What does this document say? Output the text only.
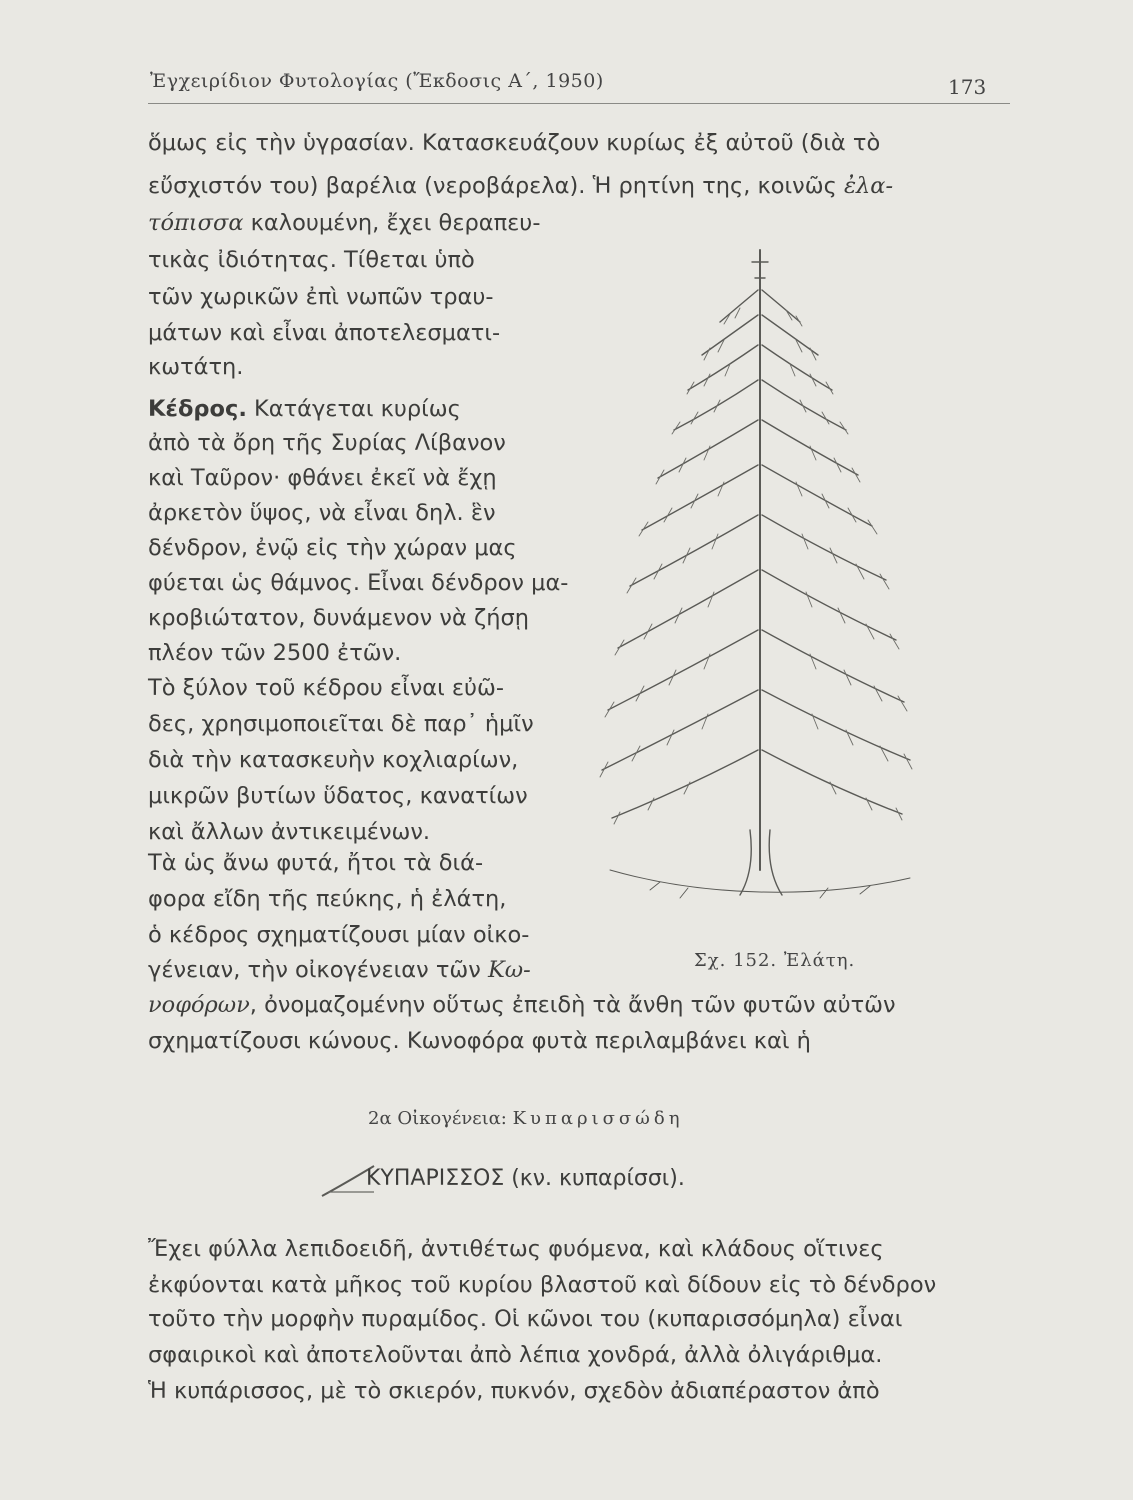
Ἐγχειρίδιον Φυτολογίας (Ἔκδοσις Α΄, 1950)	173
ὅμως εἰς τὴν ὑγρασίαν. Κατασκευάζουν κυρίως ἐξ αὐτοῦ (διὰ τὸ
εὔσχιστόν του) βαρέλια (νεροβάρελα). Ἡ ρητίνη της, κοινῶς ἐλα-
τόπισσα καλουμένη, ἔχει θεραπευ-
τικὰς ἰδιότητας. Τίθεται ὑπὸ
τῶν χωρικῶν ἐπὶ νωπῶν τραυ-
μάτων καὶ εἶναι ἀποτελεσματι-
κωτάτη.
Κέδρος. Κατάγεται κυρίως
ἀπὸ τὰ ὄρη τῆς Συρίας Λίβανον
καὶ Ταῦρον· φθάνει ἐκεῖ νὰ ἔχῃ
ἀρκετὸν ὕψος, νὰ εἶναι δηλ. ἓν
δένδρον, ἐνῷ εἰς τὴν χώραν μας
φύεται ὡς θάμνος. Εἶναι δένδρον μα-
κροβιώτατον, δυνάμενον νὰ ζήσῃ
πλέον τῶν 2500 ἐτῶν.
Τὸ ξύλον τοῦ κέδρου εἶναι εὐῶ-
δες, χρησιμοποιεῖται δὲ παρ᾽ ἡμῖν
διὰ τὴν κατασκευὴν κοχλιαρίων,
μικρῶν βυτίων ὕδατος, κανατίων
καὶ ἄλλων ἀντικειμένων.
Τὰ ὡς ἄνω φυτά, ἤτοι τὰ διά-
φορα εἴδη τῆς πεύκης, ἡ ἐλάτη,
ὁ κέδρος σχηματίζουσι μίαν οἰκο-
γένειαν, τὴν οἰκογένειαν τῶν Κω-
νοφόρων, ὀνομαζομένην οὕτως ἐπειδὴ τὰ ἄνθη τῶν φυτῶν αὐτῶν
σχηματίζουσι κώνους. Κωνοφόρα φυτὰ περιλαμβάνει καὶ ἡ
Σχ. 152. Ἐλάτη.
2α Οἰκογένεια: Κυπαρισσώδη
ΚΥΠΑΡΙΣΣΟΣ (κν. κυπαρίσσι).
Ἔχει φύλλα λεπιδοειδῆ, ἀντιθέτως φυόμενα, καὶ κλάδους οἵτινες
ἐκφύονται κατὰ μῆκος τοῦ κυρίου βλαστοῦ καὶ δίδουν εἰς τὸ δένδρον
τοῦτο τὴν μορφὴν πυραμίδος. Οἱ κῶνοι του (κυπαρισσόμηλα) εἶναι
σφαιρικοὶ καὶ ἀποτελοῦνται ἀπὸ λέπια χονδρά, ἀλλὰ ὀλιγάριθμα.
Ἡ κυπάρισσος, μὲ τὸ σκιερόν, πυκνόν, σχεδὸν ἀδιαπέραστον ἀπὸ
